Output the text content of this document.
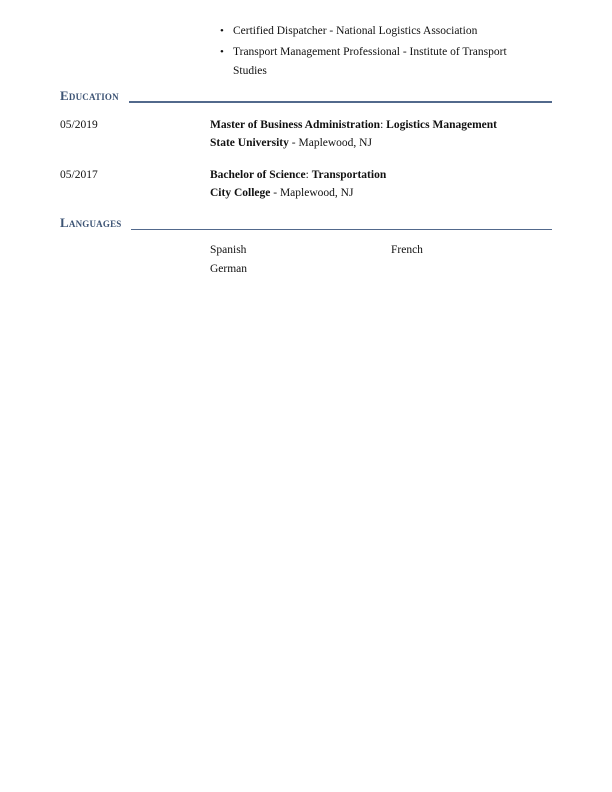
• Certified Dispatcher - National Logistics Association
• Transport Management Professional - Institute of Transport
Studies
Education
05/2019	Master of Business Administration: Logistics Management
State University - Maplewood, NJ
05/2017	Bachelor of Science: Transportation
City College - Maplewood, NJ
Languages
Spanish	French
German
